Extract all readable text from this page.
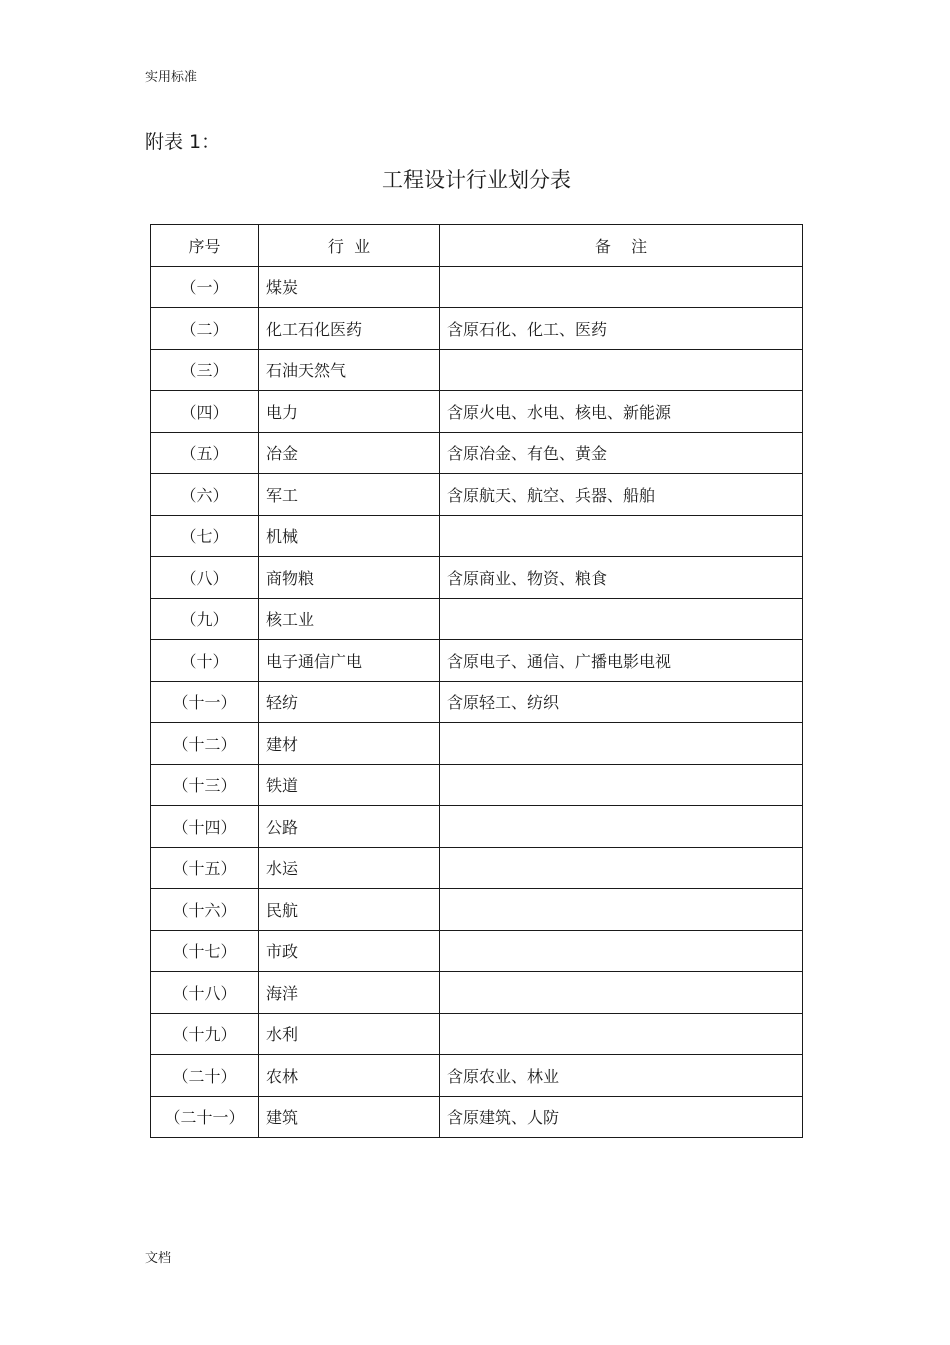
实用标准
附表 1：
工程设计行业划分表
序号	行  业	备    注
（一）	煤炭	
（二）	化工石化医药	含原石化、化工、医药
（三）	石油天然气	
（四）	电力	含原火电、水电、核电、新能源
（五）	冶金	含原冶金、有色、黄金
（六）	军工	含原航天、航空、兵器、船舶
（七）	机械	
（八）	商物粮	含原商业、物资、粮食
（九）	核工业	
（十）	电子通信广电	含原电子、通信、广播电影电视
（十一）	轻纺	含原轻工、纺织
（十二）	建材	
（十三）	铁道	
（十四）	公路	
（十五）	水运	
（十六）	民航	
（十七）	市政	
（十八）	海洋	
（十九）	水利	
（二十）	农林	含原农业、林业
（二十一）	建筑	含原建筑、人防
文档
